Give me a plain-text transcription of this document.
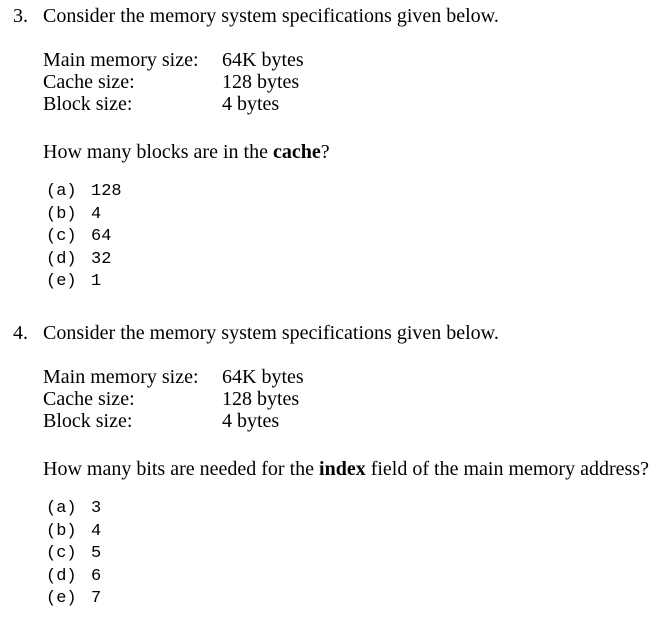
3. Consider the memory system specifications given below.
Main memory size:	64K bytes
Cache size:	128 bytes
Block size:	4 bytes
How many blocks are in the cache?
(a) 128
(b) 4
(c) 64
(d) 32
(e) 1
4. Consider the memory system specifications given below.
Main memory size:	64K bytes
Cache size:	128 bytes
Block size:	4 bytes
How many bits are needed for the index field of the main memory address?
(a) 3
(b) 4
(c) 5
(d) 6
(e) 7
